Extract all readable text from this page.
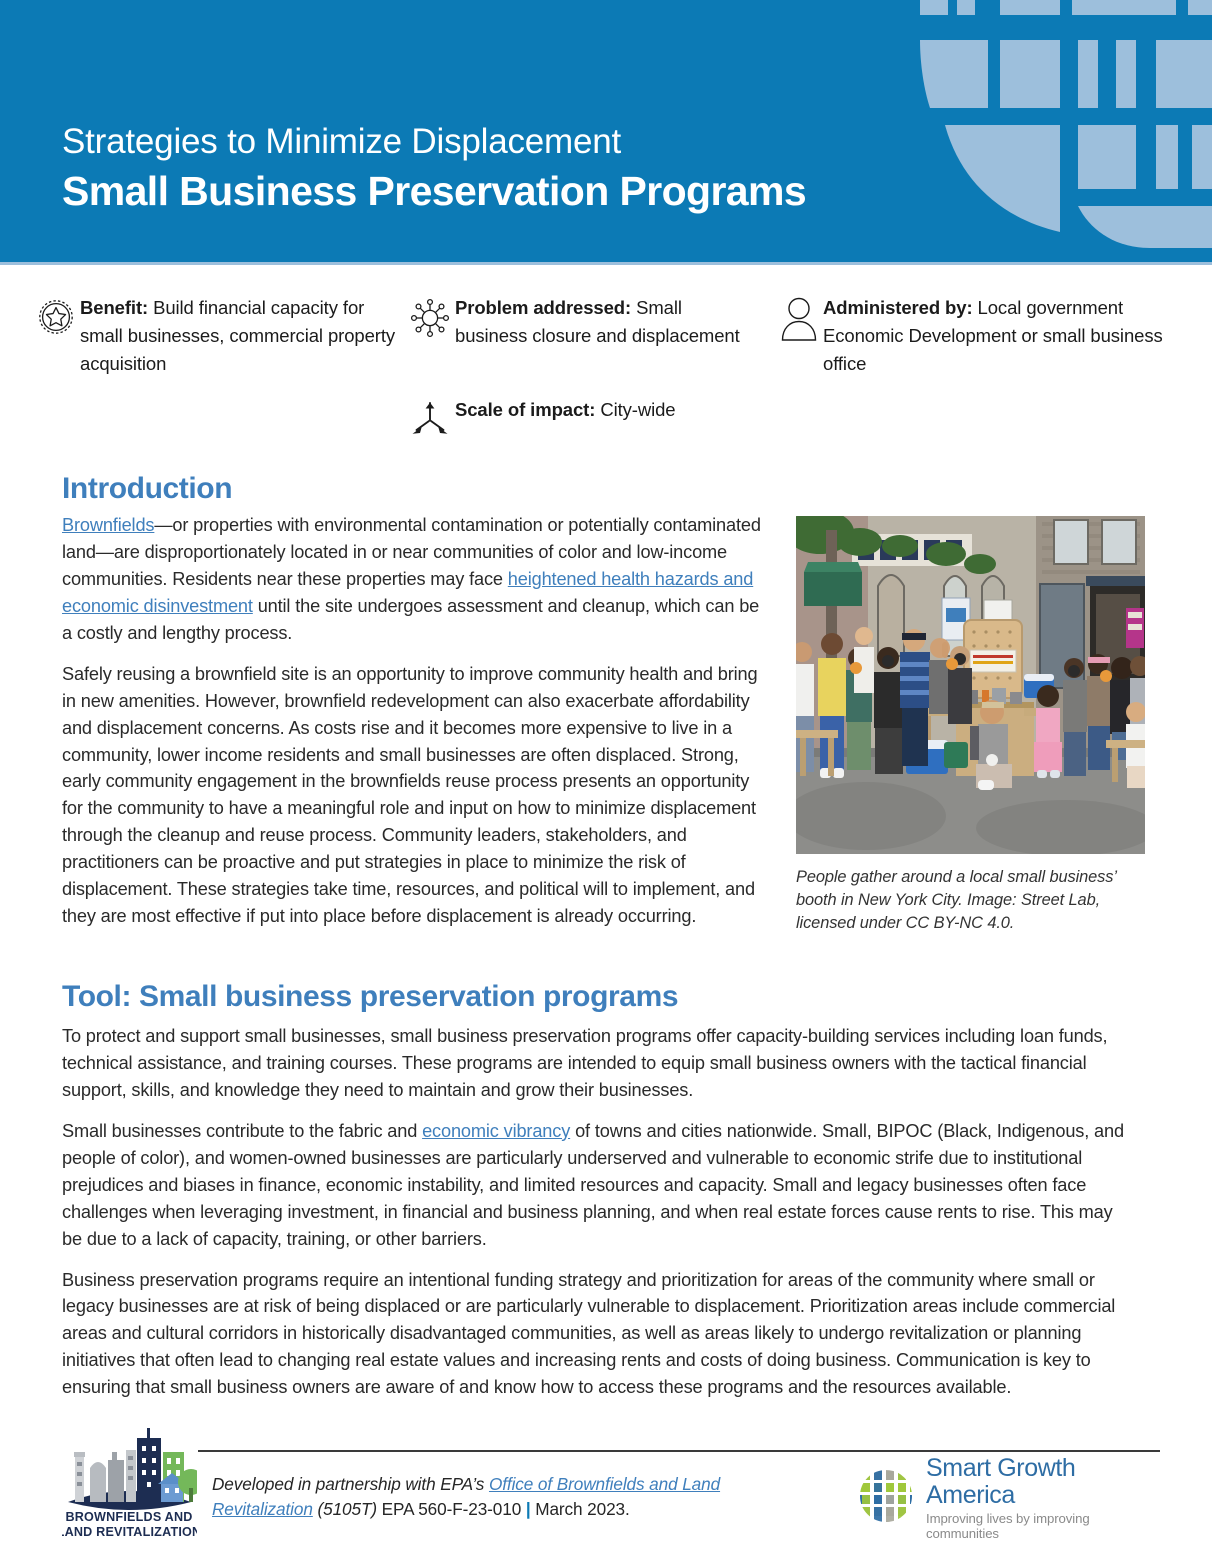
Strategies to Minimize Displacement
Small Business Preservation Programs
Benefit: Build financial capacity for small businesses, commercial property acquisition
Problem addressed: Small business closure and displacement
Scale of impact: City-wide
Administered by: Local government Economic Development or small business office
Introduction

Brownfields—or properties with environmental contamination or potentially contaminated land—are disproportionately located in or near communities of color and low-income communities. Residents near these properties may face heightened health hazards and economic disinvestment until the site undergoes assessment and cleanup, which can be a costly and lengthy process.

Safely reusing a brownfield site is an opportunity to improve community health and bring in new amenities. However, brownfield redevelopment can also exacerbate affordability and displacement concerns. As costs rise and it becomes more expensive to live in a community, lower income residents and small businesses are often displaced. Strong, early community engagement in the brownfields reuse process presents an opportunity for the community to have a meaningful role and input on how to minimize displacement through the cleanup and reuse process. Community leaders, stakeholders, and practitioners can be proactive and put strategies in place to minimize the risk of displacement. These strategies take time, resources, and political will to implement, and they are most effective if put into place before displacement is already occurring.

People gather around a local small business’ booth in New York City. Image: Street Lab, licensed under CC BY-NC 4.0.
Tool: Small business preservation programs

To protect and support small businesses, small business preservation programs offer capacity-building services including loan funds, technical assistance, and training courses. These programs are intended to equip small business owners with the tactical financial support, skills, and knowledge they need to maintain and grow their businesses.

Small businesses contribute to the fabric and economic vibrancy of towns and cities nationwide. Small, BIPOC (Black, Indigenous, and people of color), and women-owned businesses are particularly underserved and vulnerable to economic strife due to institutional prejudices and biases in finance, economic instability, and limited resources and capacity. Small and legacy businesses often face challenges when leveraging investment, in financial and business planning, and when real estate forces cause rents to rise. This may be due to a lack of capacity, training, or other barriers.

Business preservation programs require an intentional funding strategy and prioritization for areas of the community where small or legacy businesses are at risk of being displaced or are particularly vulnerable to displacement. Prioritization areas include commercial areas and cultural corridors in historically disadvantaged communities, as well as areas likely to undergo revitalization or planning initiatives that often lead to changing real estate values and increasing rents and costs of doing business. Communication is key to ensuring that small business owners are aware of and know how to access these programs and the resources available.

BROWNFIELDS AND
LAND REVITALIZATION
Developed in partnership with EPA’s Office of Brownfields and Land Revitalization (5105T) EPA 560-F-23-010 | March 2023.
Smart Growth America
Improving lives by improving communities
